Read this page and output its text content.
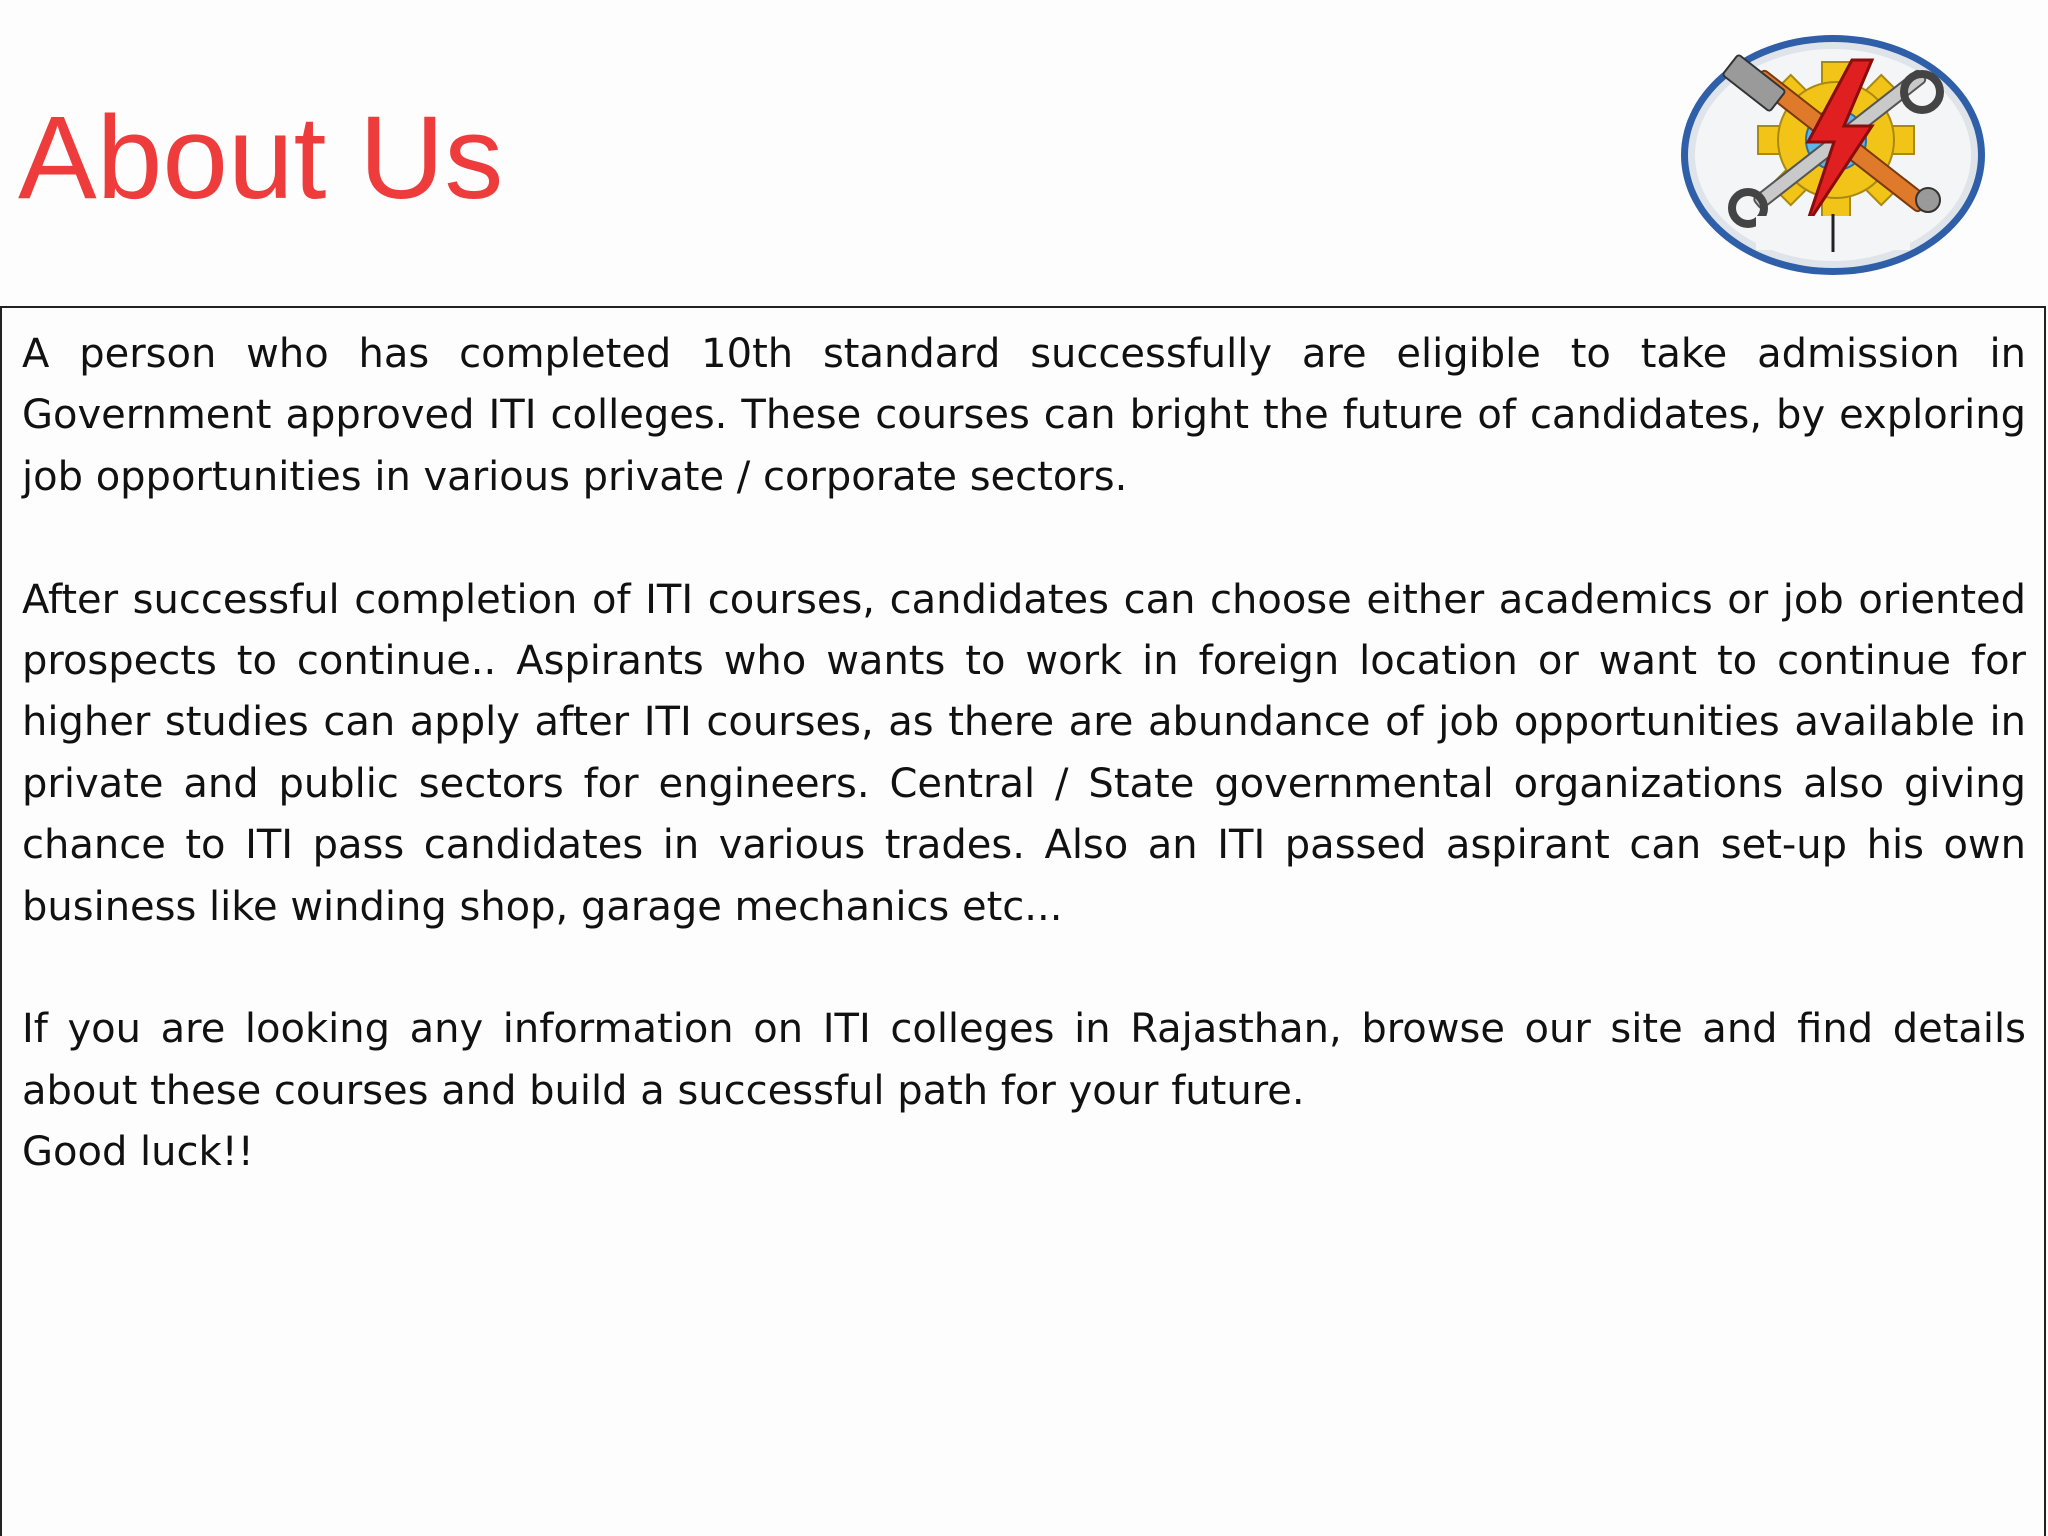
About Us

A person who has completed 10th standard successfully are eligible to take admission in Government approved ITI colleges. These courses can bright the future of candidates, by exploring job opportunities in various private / corporate sectors.

After successful completion of ITI courses, candidates can choose either academics or job oriented prospects to continue.. Aspirants who wants to work in foreign location or want to continue for higher studies can apply after ITI courses, as there are abundance of job opportunities available in private and public sectors for engineers. Central / State governmental organizations also giving chance to ITI pass candidates in various trades. Also an ITI passed aspirant can set-up his own business like winding shop, garage mechanics etc...

If you are looking any information on ITI colleges in Rajasthan, browse our site and find details about these courses and build a successful path for your future.

Good luck!!
